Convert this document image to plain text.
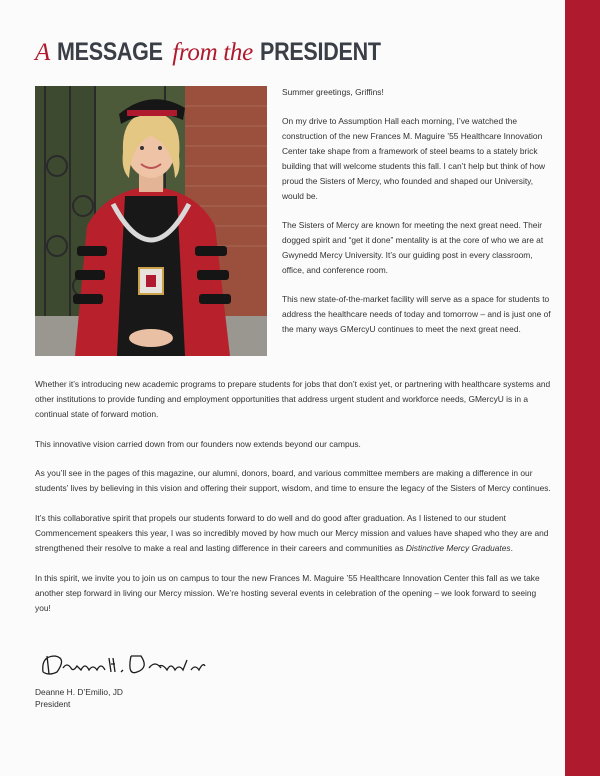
A MESSAGE from the PRESIDENT

Summer greetings, Griffins!

On my drive to Assumption Hall each morning, I’ve watched the construction of the new Frances M. Maguire ’55 Healthcare Innovation Center take shape from a framework of steel beams to a stately brick building that will welcome students this fall. I can’t help but think of how proud the Sisters of Mercy, who founded and shaped our University, would be.

The Sisters of Mercy are known for meeting the next great need. Their dogged spirit and “get it done” mentality is at the core of who we are at Gwynedd Mercy University. It’s our guiding post in every classroom, office, and conference room.

This new state-of-the-market facility will serve as a space for students to address the healthcare needs of today and tomorrow – and is just one of the many ways GMercyU continues to meet the next great need.

Whether it’s introducing new academic programs to prepare students for jobs that don’t exist yet, or partnering with healthcare systems and other institutions to provide funding and employment opportunities that address urgent student and workforce needs, GMercyU is in a continual state of forward motion.

This innovative vision carried down from our founders now extends beyond our campus.

As you’ll see in the pages of this magazine, our alumni, donors, board, and various committee members are making a difference in our students’ lives by believing in this vision and offering their support, wisdom, and time to ensure the legacy of the Sisters of Mercy continues.

It’s this collaborative spirit that propels our students forward to do well and do good after graduation. As I listened to our student Commencement speakers this year, I was so incredibly moved by how much our Mercy mission and values have shaped who they are and strengthened their resolve to make a real and lasting difference in their careers and communities as Distinctive Mercy Graduates.

In this spirit, we invite you to join us on campus to tour the new Frances M. Maguire ’55 Healthcare Innovation Center this fall as we take another step forward in living our Mercy mission. We’re hosting several events in celebration of the opening – we look forward to seeing you!

Deanne H. D’Emilio, JD
President
